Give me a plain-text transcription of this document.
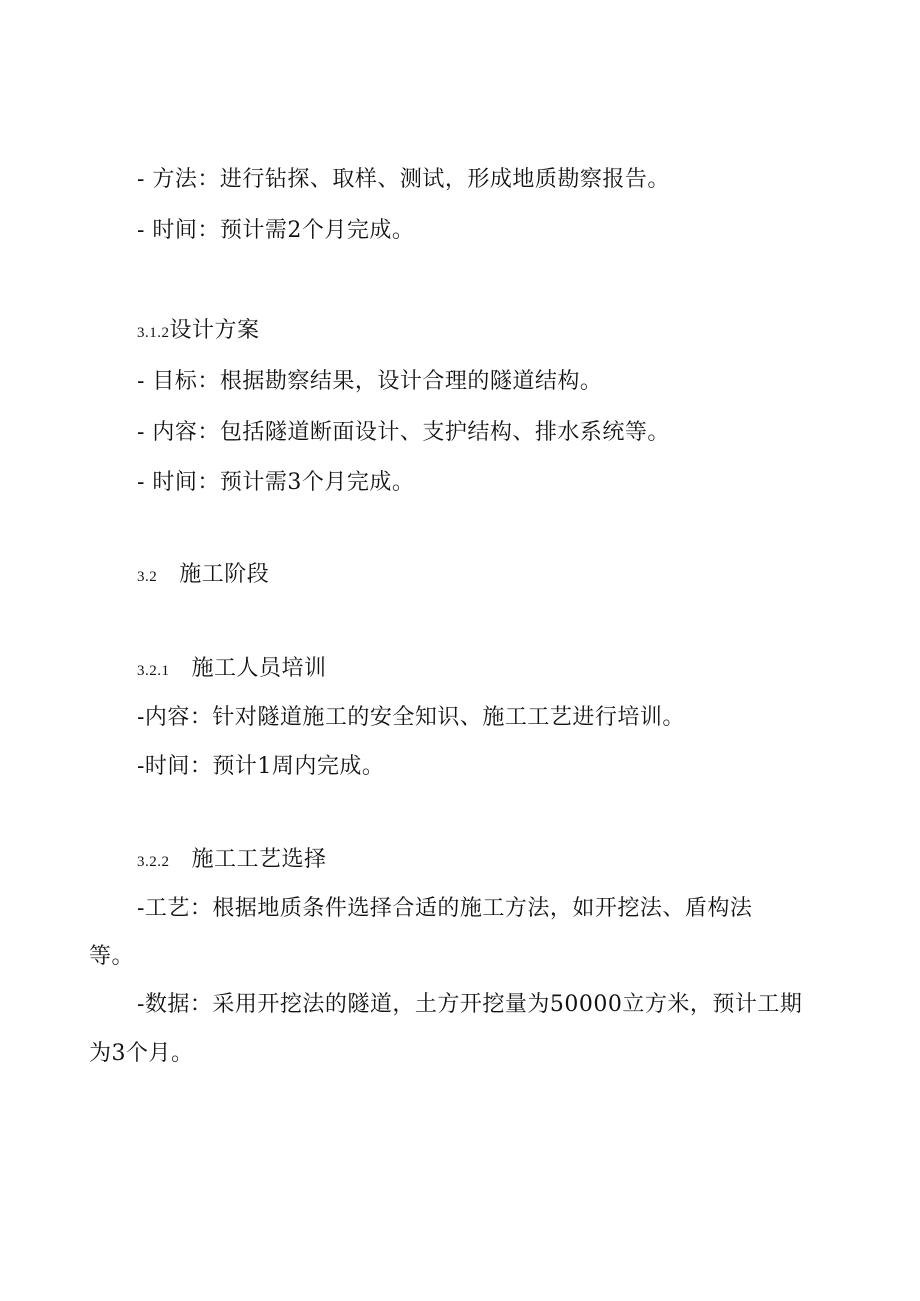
- 方法：进行钻探、取样、测试，形成地质勘察报告。
- 时间：预计需2个月完成。
3.1.2设计方案
- 目标：根据勘察结果，设计合理的隧道结构。
- 内容：包括隧道断面设计、支护结构、排水系统等。
- 时间：预计需3个月完成。
3.2 施工阶段
3.2.1 施工人员培训
-内容：针对隧道施工的安全知识、施工工艺进行培训。
-时间：预计1周内完成。
3.2.2 施工工艺选择
-工艺：根据地质条件选择合适的施工方法，如开挖法、盾构法
等。
-数据：采用开挖法的隧道，土方开挖量为50000立方米，预计工期
为3个月。
